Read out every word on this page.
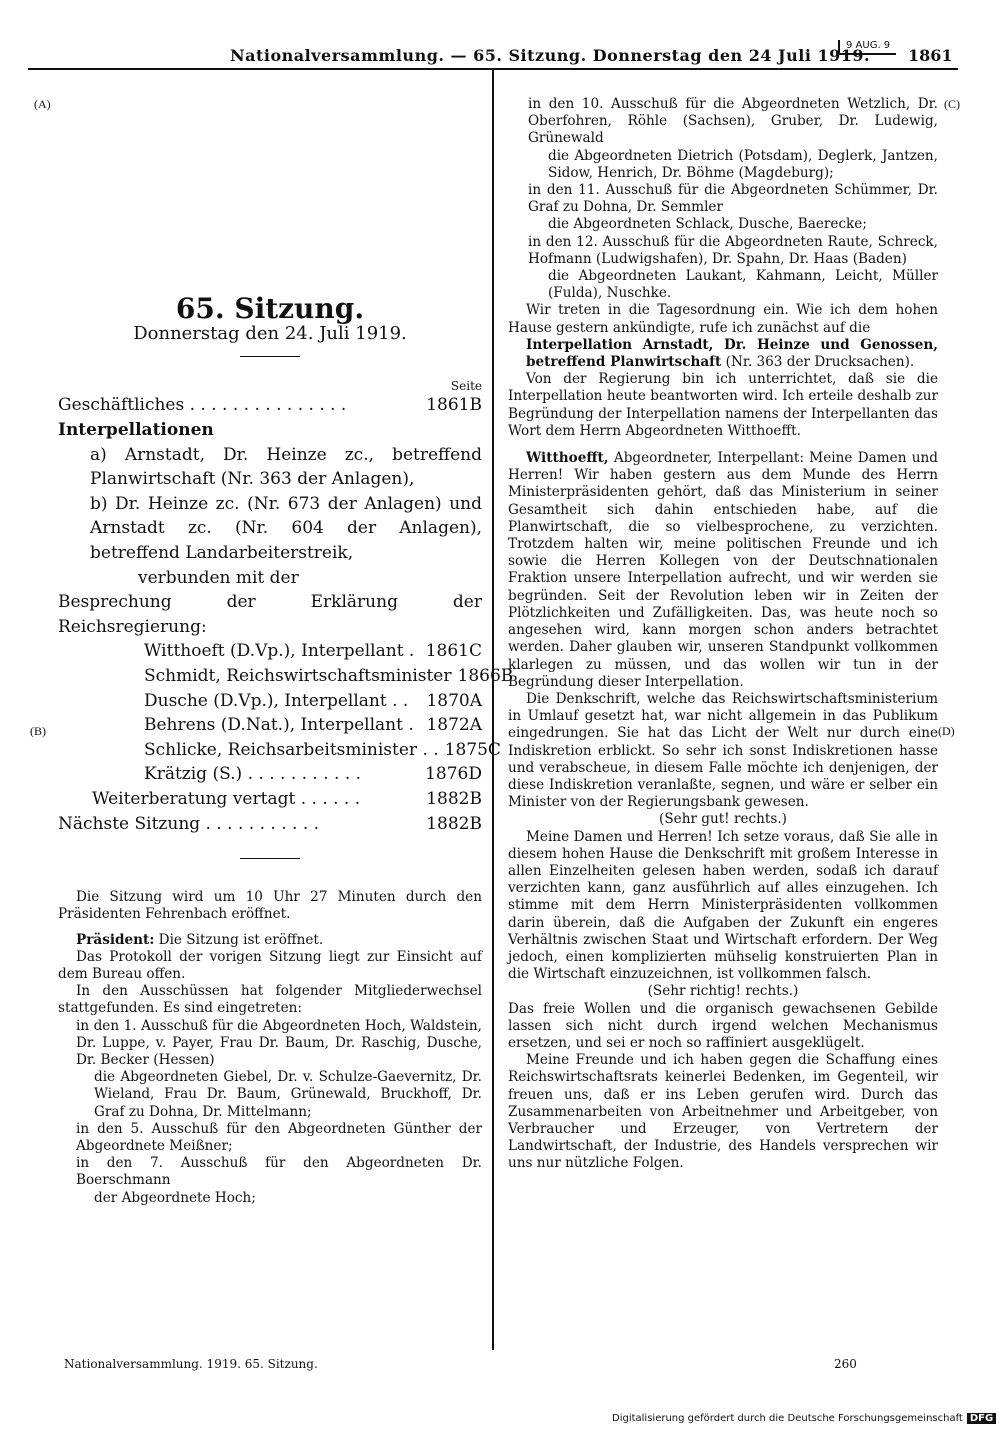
Nationalversammlung. — 65. Sitzung. Donnerstag den 24 Juli 1919.
9 AUG. 9
1861
(A)
(B)
(C)
(D)
65. Sitzung.
Donnerstag den 24. Juli 1919.
Seite
Geschäftliches . . . . . . . . . . . . . . .	1861B
Interpellationen
a) Arnstadt, Dr. Heinze zc., betreffend Planwirtschaft (Nr. 363 der Anlagen),
b) Dr. Heinze zc. (Nr. 673 der Anlagen) und Arnstadt zc. (Nr. 604 der Anlagen), betreffend Landarbeiterstreik,
verbunden mit der
Besprechung der Erklärung der Reichsregierung:
Witthoeft (D.Vp.), Interpellant . 1861C
Schmidt, Reichswirtschaftsminister 1866B
Dusche (D.Vp.), Interpellant . .	1870A
Behrens (D.Nat.), Interpellant . 1872A
Schlicke, Reichsarbeitsminister . . 1875C
Krätzig (S.) . . . . . . . . . . .	1876D
Weiterberatung vertagt . . . . . .	1882B
Nächste Sitzung . . . . . . . . . . .	1882B

Die Sitzung wird um 10 Uhr 27 Minuten durch den Präsidenten Fehrenbach eröffnet.

Präsident: Die Sitzung ist eröffnet.

Das Protokoll der vorigen Sitzung liegt zur Einsicht auf dem Bureau offen.

In den Ausschüssen hat folgender Mitgliederwechsel stattgefunden. Es sind eingetreten:

in den 1. Ausschuß für die Abgeordneten Hoch, Waldstein, Dr. Luppe, v. Payer, Frau Dr. Baum, Dr. Raschig, Dusche, Dr. Becker (Hessen)

die Abgeordneten Giebel, Dr. v. Schulze-Gaevernitz, Dr. Wieland, Frau Dr. Baum, Grünewald, Bruckhoff, Dr. Graf zu Dohna, Dr. Mittelmann;

in den 5. Ausschuß für den Abgeordneten Günther der Abgeordnete Meißner;

in den 7. Ausschuß für den Abgeordneten Dr. Boerschmann

der Abgeordnete Hoch;

in den 10. Ausschuß für die Abgeordneten Wetzlich, Dr. Oberfohren, Röhle (Sachsen), Gruber, Dr. Ludewig, Grünewald

die Abgeordneten Dietrich (Potsdam), Deglerk, Jantzen, Sidow, Henrich, Dr. Böhme (Magdeburg);

in den 11. Ausschuß für die Abgeordneten Schümmer, Dr. Graf zu Dohna, Dr. Semmler

die Abgeordneten Schlack, Dusche, Baerecke;

in den 12. Ausschuß für die Abgeordneten Raute, Schreck, Hofmann (Ludwigshafen), Dr. Spahn, Dr. Haas (Baden)

die Abgeordneten Laukant, Kahmann, Leicht, Müller (Fulda), Nuschke.

Wir treten in die Tagesordnung ein. Wie ich dem hohen Hause gestern ankündigte, rufe ich zunächst auf die

Interpellation Arnstadt, Dr. Heinze und Genossen, betreffend Planwirtschaft (Nr. 363 der Drucksachen).

Von der Regierung bin ich unterrichtet, daß sie die Interpellation heute beantworten wird. Ich erteile deshalb zur Begründung der Interpellation namens der Interpellanten das Wort dem Herrn Abgeordneten Witthoefft.

Witthoefft, Abgeordneter, Interpellant: Meine Damen und Herren! Wir haben gestern aus dem Munde des Herrn Ministerpräsidenten gehört, daß das Ministerium in seiner Gesamtheit sich dahin entschieden habe, auf die Planwirtschaft, die so vielbesprochene, zu verzichten. Trotzdem halten wir, meine politischen Freunde und ich sowie die Herren Kollegen von der Deutschnationalen Fraktion unsere Interpellation aufrecht, und wir werden sie begründen. Seit der Revolution leben wir in Zeiten der Plötzlichkeiten und Zufälligkeiten. Das, was heute noch so angesehen wird, kann morgen schon anders betrachtet werden. Daher glauben wir, unseren Standpunkt vollkommen klarlegen zu müssen, und das wollen wir tun in der Begründung dieser Interpellation.

Die Denkschrift, welche das Reichswirtschaftsministerium in Umlauf gesetzt hat, war nicht allgemein in das Publikum eingedrungen. Sie hat das Licht der Welt nur durch eine Indiskretion erblickt. So sehr ich sonst Indiskretionen hasse und verabscheue, in diesem Falle möchte ich denjenigen, der diese Indiskretion veranlaßte, segnen, und wäre er selber ein Minister von der Regierungsbank gewesen.

(Sehr gut! rechts.)

Meine Damen und Herren! Ich setze voraus, daß Sie alle in diesem hohen Hause die Denkschrift mit großem Interesse in allen Einzelheiten gelesen haben werden, sodaß ich darauf verzichten kann, ganz ausführlich auf alles einzugehen. Ich stimme mit dem Herrn Ministerpräsidenten vollkommen darin überein, daß die Aufgaben der Zukunft ein engeres Verhältnis zwischen Staat und Wirtschaft erfordern. Der Weg jedoch, einen komplizierten mühselig konstruierten Plan in die Wirtschaft einzuzeichnen, ist vollkommen falsch.

(Sehr richtig! rechts.)

Das freie Wollen und die organisch gewachsenen Gebilde lassen sich nicht durch irgend welchen Mechanismus ersetzen, und sei er noch so raffiniert ausgeklügelt.

Meine Freunde und ich haben gegen die Schaffung eines Reichswirtschaftsrats keinerlei Bedenken, im Gegenteil, wir freuen uns, daß er ins Leben gerufen wird. Durch das Zusammenarbeiten von Arbeitnehmer und Arbeitgeber, von Verbraucher und Erzeuger, von Vertretern der Landwirtschaft, der Industrie, des Handels versprechen wir uns nur nützliche Folgen.

Nationalversammlung. 1919. 65. Sitzung.	260
Digitalisierung gefördert durch die Deutsche Forschungsgemeinschaft DFG
